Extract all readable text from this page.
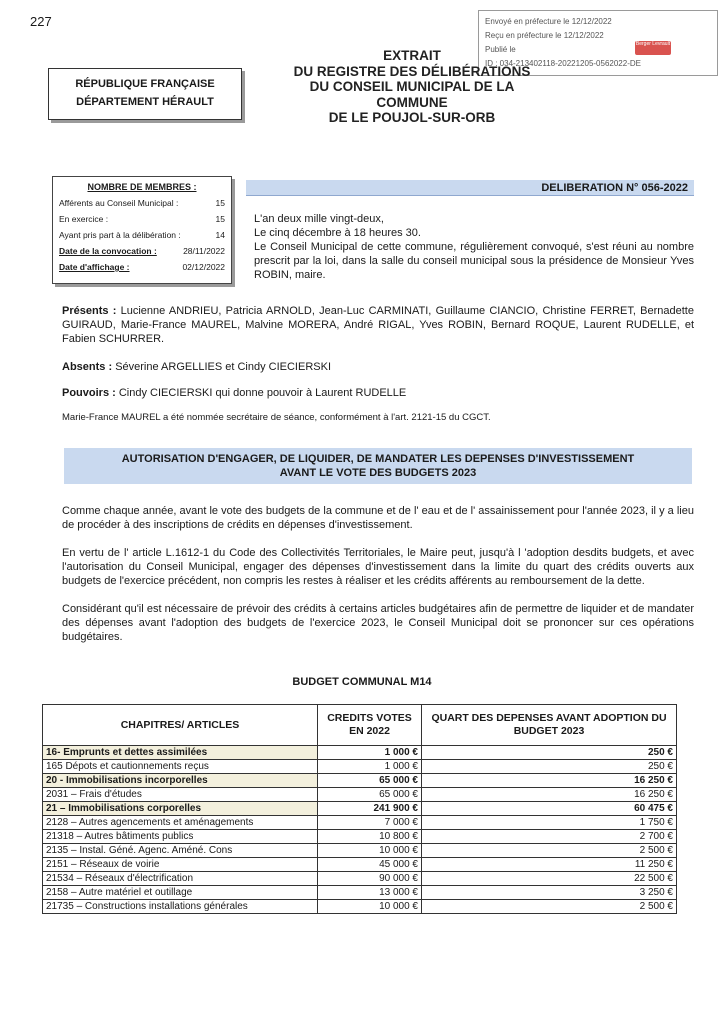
227	Envoyé en préfecture le 12/12/2022
Reçu en préfecture le 12/12/2022
Publié le
ID : 034-213402118-20221205-0562022-DE
Berger Levrault
EXTRAIT
DU REGISTRE DES DÉLIBÉRATIONS
DU CONSEIL MUNICIPAL DE LA
COMMUNE
DE LE POUJOL-SUR-ORB
RÉPUBLIQUE FRANÇAISE
DÉPARTEMENT HÉRAULT
NOMBRE DE MEMBRES :
Afférents au Conseil Municipal :	15
En exercice :	15
Ayant pris part à la délibération :	14
Date de la convocation :	28/11/2022
Date d'affichage :	02/12/2022
DELIBERATION N° 056-2022

L'an deux mille vingt-deux,

Le cinq décembre à 18 heures 30.

Le Conseil Municipal de cette commune, régulièrement convoqué, s'est réuni au nombre prescrit par la loi, dans la salle du conseil municipal sous la présidence de Monsieur Yves ROBIN, maire.

Présents : Lucienne ANDRIEU, Patricia ARNOLD, Jean-Luc CARMINATI, Guillaume CIANCIO, Christine FERRET, Bernadette GUIRAUD, Marie-France MAUREL, Malvine MORERA, André RIGAL, Yves ROBIN, Bernard ROQUE, Laurent RUDELLE, et Fabien SCHURRER.
Absents : Séverine ARGELLIES et Cindy CIECIERSKI
Pouvoirs : Cindy CIECIERSKI qui donne pouvoir à Laurent RUDELLE
Marie-France MAUREL a été nommée secrétaire de séance, conformément à l'art. 2121-15 du CGCT.
AUTORISATION D'ENGAGER, DE LIQUIDER, DE MANDATER LES DEPENSES D'INVESTISSEMENT
AVANT LE VOTE DES BUDGETS 2023

Comme chaque année, avant le vote des budgets de la commune et de l' eau et de l' assainissement pour l'année 2023, il y a lieu de procéder à des inscriptions de crédits en dépenses d'investissement.

En vertu de l' article L.1612-1 du Code des Collectivités Territoriales, le Maire peut, jusqu'à l 'adoption desdits budgets, et avec l'autorisation du Conseil Municipal, engager des dépenses d'investissement dans la limite du quart des crédits ouverts aux budgets de l'exercice précédent, non compris les restes à réaliser et les crédits afférents au remboursement de la dette.

Considérant qu'il est nécessaire de prévoir des crédits à certains articles budgétaires afin de permettre de liquider et de mandater des dépenses avant l'adoption des budgets de l'exercice 2023, le Conseil Municipal doit se prononcer sur ces opérations budgétaires.

BUDGET COMMUNAL M14
CHAPITRES/ ARTICLES	CREDITS VOTES EN 2022	QUART DES DEPENSES AVANT ADOPTION DU BUDGET 2023
16- Emprunts et dettes assimilées	1 000 €	250 €
165 Dépots et cautionnements reçus	1 000 €	250 €
20 - Immobilisations incorporelles	65 000 €	16 250 €
2031 – Frais d'études	65 000 €	16 250 €
21 – Immobilisations corporelles	241 900 €	60 475 €
2128 – Autres agencements et aménagements	7 000 €	1 750 €
21318 – Autres bâtiments publics	10 800 €	2 700 €
2135 – Instal. Géné. Agenc. Améné. Cons	10 000 €	2 500 €
2151 – Réseaux de voirie	45 000 €	11 250 €
21534 – Réseaux d'électrification	90 000 €	22 500 €
2158 – Autre matériel et outillage	13 000 €	3 250 €
21735 – Constructions installations générales	10 000 €	2 500 €
